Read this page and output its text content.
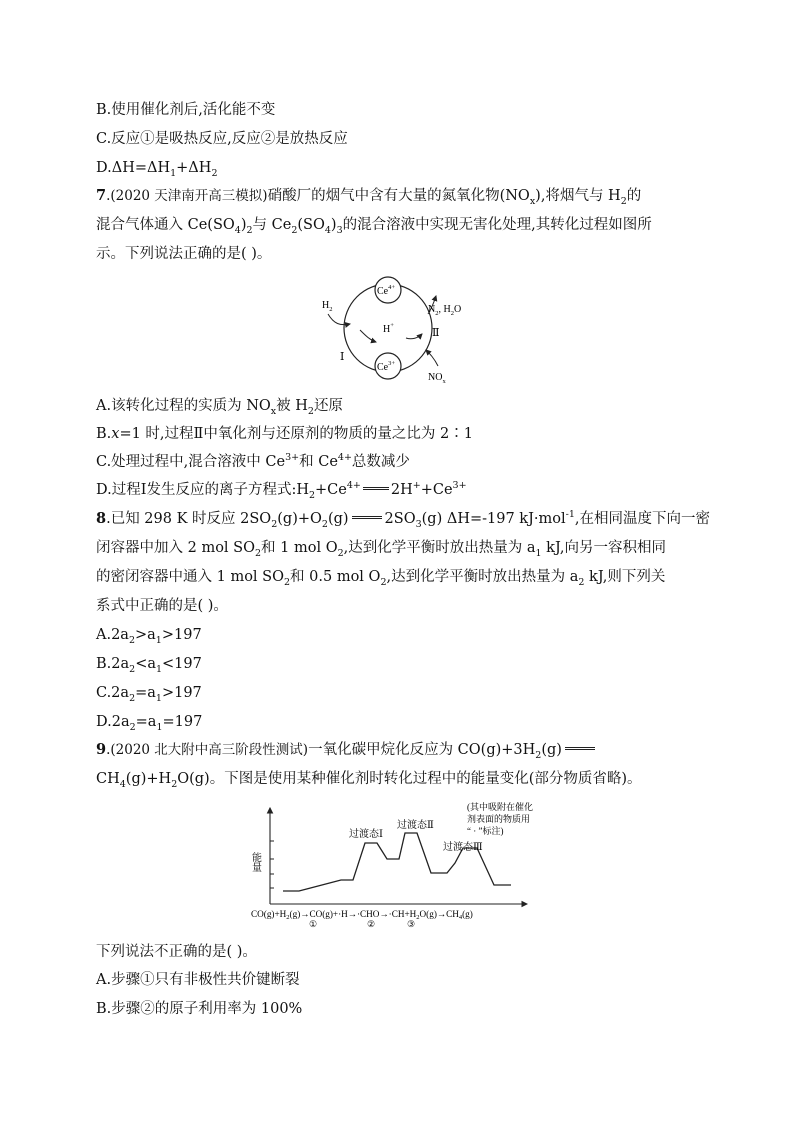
B.使用催化剂后,活化能不变
C.反应①是吸热反应,反应②是放热反应
$D.\Delta H=\Delta H_1+\Delta H_2$
7.(2020 天津南开高三模拟)硝酸厂的烟气中含有大量的氮氧化物$(NO_x)$,将烟气与 $H_2$的
混合气体通入 $Ce(SO_4)_2$与 $Ce_2(SO_4)_3$的混合溶液中实现无害化处理,其转化过程如图所
示。下列说法正确的是( )。
$Ce^{4+}$
$Ce^{3+}$
$H_2$
H+
Ⅰ
Ⅱ
$N_2$, $H_2O$
$NO_x$
A.该转化过程的实质为 $NO_x$被 $H_2$还原
B.x=1 时,过程Ⅱ中氧化剂与还原剂的物质的量之比为 2∶1
C.处理过程中,混合溶液中 $Ce^{3+}$和 $Ce^{4+}$总数减少
D.过程Ⅰ发生反应的离子方程式$:H_2+Ce^{4+}$ $2H^++Ce^{3+}$
8.已知 298 K 时反应 $2SO_2(g)+O_2(g)$ $2SO_3(g)$ ΔH=-197 kJ·mol$^{-1}$,在相同温度下向一密
闭容器中加入 2 mol $SO_2$和 1 mol $O_2$,达到化学平衡时放出热量为 $a_1$ kJ,向另一容积相同
的密闭容器中通入 1 mol $SO_2$和 0.5 mol $O_2$,达到化学平衡时放出热量为 $a_2$ kJ,则下列关
系式中正确的是( )。
$A.2a_2>a_1>197$
$B.2a_2<a_1<197$
$C.2a_2=a_1>197$
$D.2a_2=a_1=197$
9.(2020 北大附中高三阶段性测试)一氧化碳甲烷化反应为 $CO(g)+3H_2(g)$
$CH_4(g)+H_2O(g)$。下图是使用某种催化剂时转化过程中的能量变化(部分物质省略)。
能量
过渡态Ⅰ
过渡态Ⅱ
过渡态Ⅲ
(其中吸附在催化
剂表面的物质用
“ · ”标注)
$CO(g)+H_2(g)\to CO(g)+\cdot H\to\cdot CHO\to\cdot CH+H_2O(g)\to CH_4(g)$
①	②	③
下列说法不正确的是( )。
A.步骤①只有非极性共价键断裂
B.步骤②的原子利用率为 100%
